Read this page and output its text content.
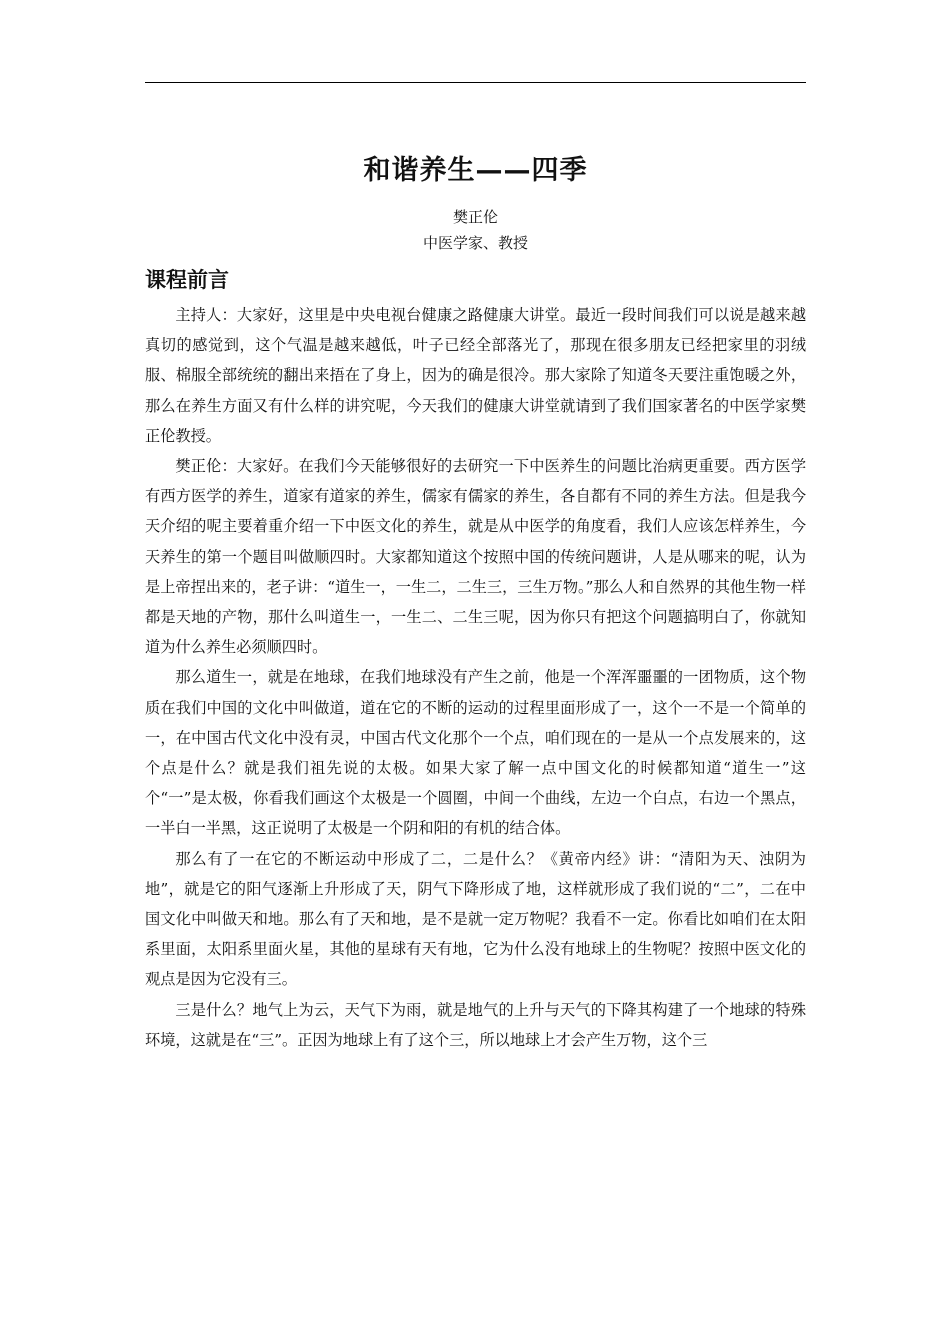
和谐养生——四季
樊正伦
中医学家、教授
课程前言

主持人：大家好，这里是中央电视台健康之路健康大讲堂。最近一段时间我们可以说是越来越真切的感觉到，这个气温是越来越低，叶子已经全部落光了，那现在很多朋友已经把家里的羽绒服、棉服全部统统的翻出来捂在了身上，因为的确是很冷。那大家除了知道冬天要注重饱暖之外，那么在养生方面又有什么样的讲究呢，今天我们的健康大讲堂就请到了我们国家著名的中医学家樊正伦教授。

樊正伦：大家好。在我们今天能够很好的去研究一下中医养生的问题比治病更重要。西方医学有西方医学的养生，道家有道家的养生，儒家有儒家的养生，各自都有不同的养生方法。但是我今天介绍的呢主要着重介绍一下中医文化的养生，就是从中医学的角度看，我们人应该怎样养生，今天养生的第一个题目叫做顺四时。大家都知道这个按照中国的传统问题讲，人是从哪来的呢，认为是上帝捏出来的，老子讲：“道生一，一生二，二生三，三生万物。”那么人和自然界的其他生物一样都是天地的产物，那什么叫道生一，一生二、二生三呢，因为你只有把这个问题搞明白了，你就知道为什么养生必须顺四时。

那么道生一，就是在地球，在我们地球没有产生之前，他是一个浑浑噩噩的一团物质，这个物质在我们中国的文化中叫做道，道在它的不断的运动的过程里面形成了一，这个一不是一个简单的一，在中国古代文化中没有灵，中国古代文化那个一个点，咱们现在的一是从一个点发展来的，这个点是什么？就是我们祖先说的太极。如果大家了解一点中国文化的时候都知道“道生一”这个“一”是太极，你看我们画这个太极是一个圆圈，中间一个曲线，左边一个白点，右边一个黑点，一半白一半黑，这正说明了太极是一个阴和阳的有机的结合体。

那么有了一在它的不断运动中形成了二，二是什么？《黄帝内经》讲：“清阳为天、浊阴为地”，就是它的阳气逐渐上升形成了天，阴气下降形成了地，这样就形成了我们说的“二”，二在中国文化中叫做天和地。那么有了天和地，是不是就一定万物呢？我看不一定。你看比如咱们在太阳系里面，太阳系里面火星，其他的星球有天有地，它为什么没有地球上的生物呢？按照中医文化的观点是因为它没有三。

三是什么？地气上为云，天气下为雨，就是地气的上升与天气的下降其构建了一个地球的特殊环境，这就是在“三”。正因为地球上有了这个三，所以地球上才会产生万物，这个三
